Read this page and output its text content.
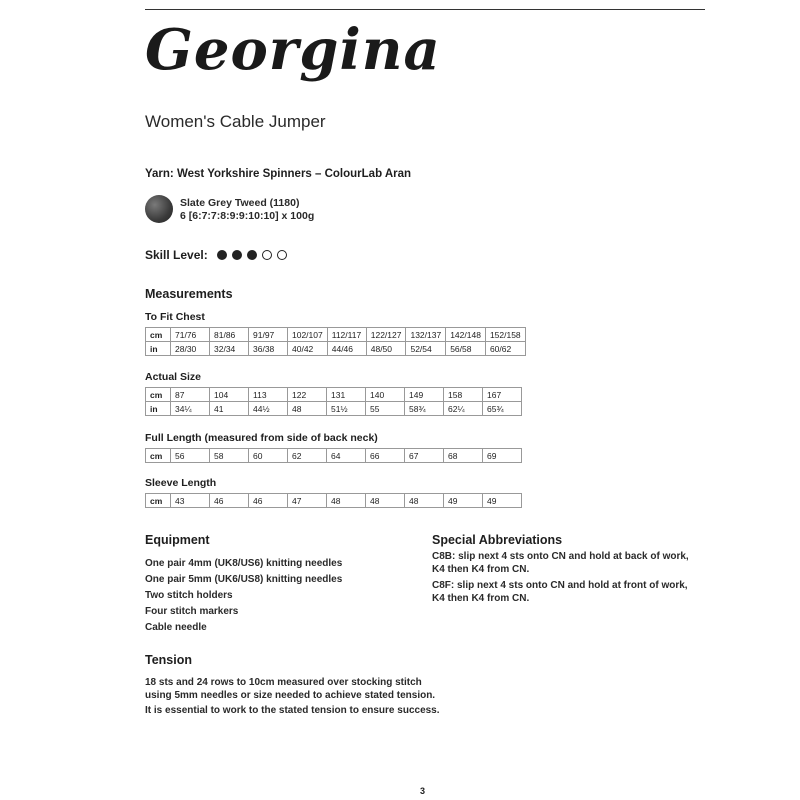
Georgina
Women's Cable Jumper
Yarn: West Yorkshire Spinners – ColourLab Aran
Slate Grey Tweed (1180)
6 [6:7:7:8:9:9:10:10] x 100g
Skill Level:
Measurements
To Fit Chest
cm	71/76	81/86	91/97	102/107	112/117	122/127	132/137	142/148	152/158
in	28/30	32/34	36/38	40/42	44/46	48/50	52/54	56/58	60/62
Actual Size
cm	87	104	113	122	131	140	149	158	167
in	34¼	41	44½	48	51½	55	58¾	62¼	65¾
Full Length (measured from side of back neck)
cm	56	58	60	62	64	66	67	68	69
Sleeve Length
cm	43	46	46	47	48	48	48	49	49
Equipment
One pair 4mm (UK8/US6) knitting needles
One pair 5mm (UK6/US8) knitting needles
Two stitch holders
Four stitch markers
Cable needle
Special Abbreviations

C8B: slip next 4 sts onto CN and hold at back of work, K4 then K4 from CN.

C8F: slip next 4 sts onto CN and hold at front of work, K4 then K4 from CN.

Tension

18 sts and 24 rows to 10cm measured over stocking stitch using 5mm needles or size needed to achieve stated tension.

It is essential to work to the stated tension to ensure success.

3
